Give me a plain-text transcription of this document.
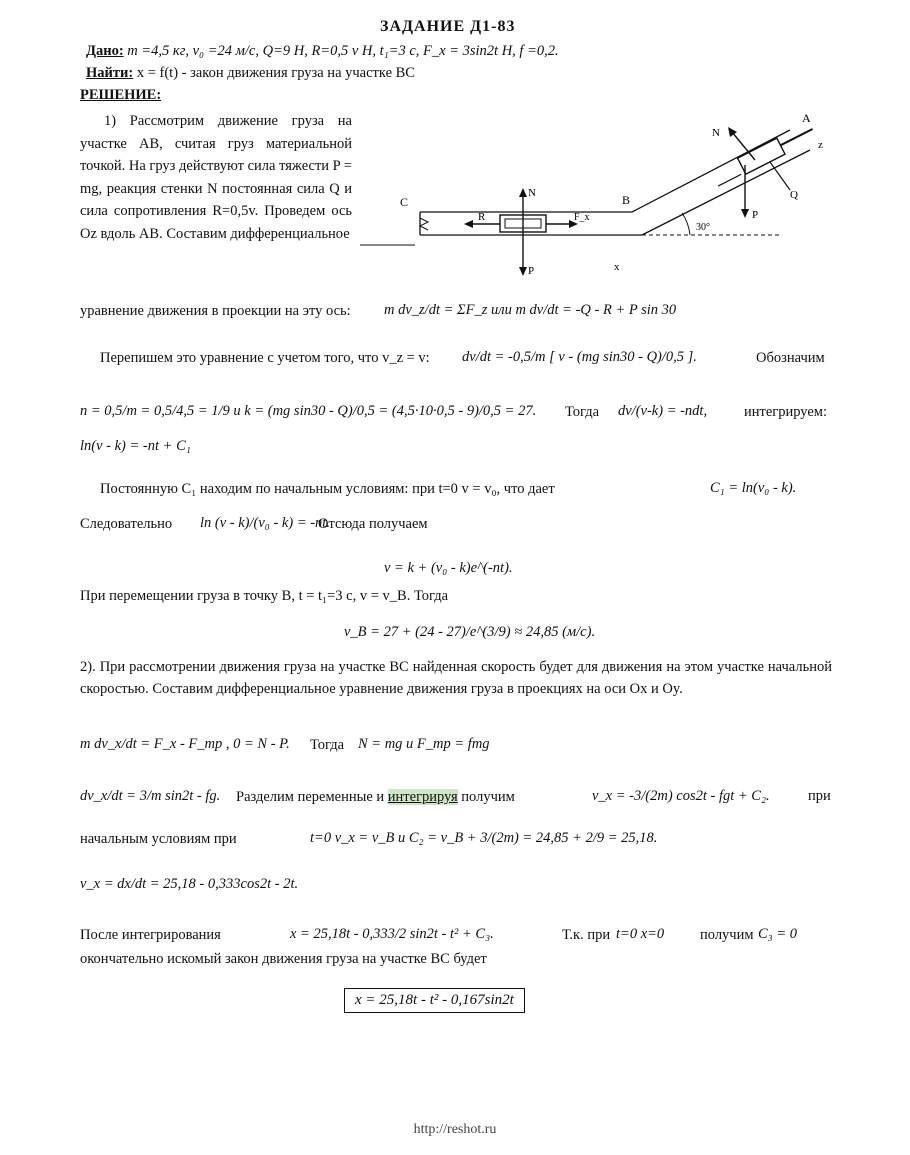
ЗАДАНИЕ Д1-83
Дано: m =4,5 кг, v₀ =24 м/с, Q=9 Н, R=0,5 v Н, t₁=3 с, F_x = 3sin2t Н, f =0,2.
Найти: x = f(t) - закон движения груза на участке BC
РЕШЕНИЕ:
1) Рассмотрим движение груза на участке AB, считая груз материальной точкой. На груз действуют сила тяжести P = mg, реакция стенки N постоянная сила Q и сила сопротивления R=0,5v. Проведем ось Oz вдоль AB. Составим дифференциальное
A
B
C
N
N
P
P
Q
R	F_x
30°
x
z
уравнение движения в проекции на эту ось: m dv_z/dt = ΣF_z или m dv/dt = -Q - R + P sin 30
Перепишем это уравнение с учетом того, что v_z = v: dv/dt = -0,5/m [ v - (mg sin30 - Q)/0,5 ].	Обозначим
n = 0,5/m = 0,5/4,5 = 1/9 и k = (mg sin30 - Q)/0,5 = (4,5·10·0,5 - 9)/0,5 = 27. Тогда dv/(v-k) = -ndt,	интегрируем:
ln(v - k) = -nt + C₁
Постоянную C₁ находим по начальным условиям: при t=0 v = v₀, что дает	C₁ = ln(v₀ - k).
Следовательно ln (v - k)/(v₀ - k) = -nt.
Отсюда получаем
v = k + (v₀ - k)e^(-nt).
При перемещении груза в точку B, t = t₁=3 c, v = v_B. Тогда
v_B = 27 + (24 - 27)/e^(3/9) ≈ 24,85 (м/с).
2). При рассмотрении движения груза на участке BC найденная скорость будет для движения на этом участке начальной скоростью. Составим дифференциальное уравнение движения груза в проекциях на оси Ox и Oy.
m dv_x/dt = F_x - F_тр , 0 = N - P. Тогда N = mg и F_тр = fmg
dv_x/dt = 3/m sin2t - fg. Разделим переменные и интегрируя получим	v_x = -3/(2m) cos2t - fgt + C₂.	при
начальным условиям при	t=0 v_x = v_B и C₂ = v_B + 3/(2m) = 24,85 + 2/9 = 25,18.
v_x = dx/dt = 25,18 - 0,333cos2t - 2t.
После интегрирования	x = 25,18t - 0,333/2 sin2t - t² + C₃.	Т.к. при t=0 x=0 получим C₃ = 0
окончательно искомый закон движения груза на участке BC будет
x = 25,18t - t² - 0,167sin2t
http://reshot.ru
